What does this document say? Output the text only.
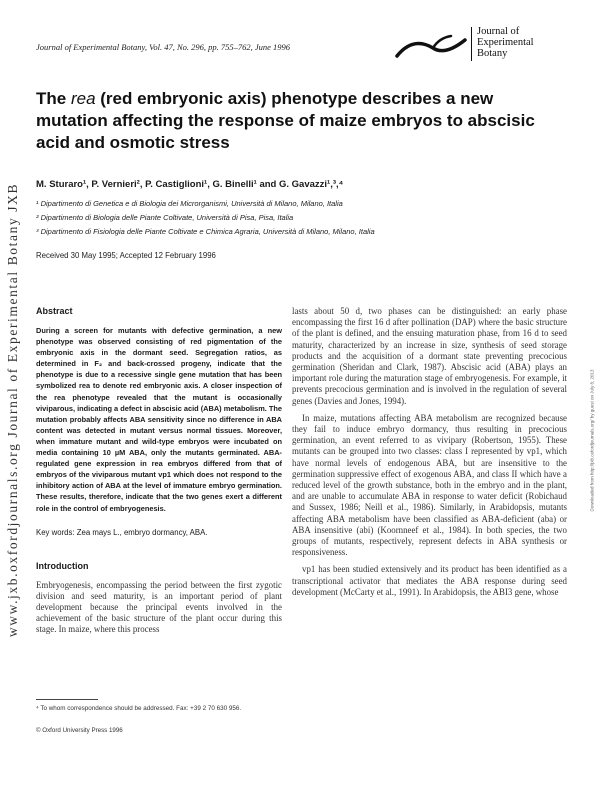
www.jxb.oxfordjournals.org Journal of Experimental Botany JXB	Downloaded from http://jxb.oxfordjournals.org/ by guest on July 8, 2013
Journal of Experimental Botany, Vol. 47, No. 296, pp. 755–762, June 1996
Journal of
Experimental
Botany
The rea (red embryonic axis) phenotype describes a new mutation affecting the response of maize embryos to abscisic acid and osmotic stress
M. Sturaro¹, P. Vernieri², P. Castiglioni¹, G. Binelli¹ and G. Gavazzi¹,³,⁴
¹ Dipartimento di Genetica e di Biologia dei Microrganismi, Università di Milano, Milano, Italia
² Dipartimento di Biologia delle Piante Coltivate, Università di Pisa, Pisa, Italia
³ Dipartimento di Fisiologia delle Piante Coltivate e Chimica Agraria, Università di Milano, Milano, Italia
Received 30 May 1995; Accepted 12 February 1996
Abstract

During a screen for mutants with defective germination, a new phenotype was observed consisting of red pigmentation of the embryonic axis in the dormant seed. Segregation ratios, as determined in F₂ and back-crossed progeny, indicate that the phenotype is due to a recessive single gene mutation that has been symbolized rea to denote red embryonic axis. A closer inspection of the rea phenotype revealed that the mutant is occasionally viviparous, indicating a defect in abscisic acid (ABA) metabolism. The mutation probably affects ABA sensitivity since no difference in ABA content was detected in mutant versus normal tissues. Moreover, when immature mutant and wild-type embryos were incubated on media containing 10 µM ABA, only the mutants germinated. ABA-regulated gene expression in rea embryos differed from that of embryos of the viviparous mutant vp1 which does not respond to the inhibitory action of ABA at the level of immature embryo germination. These results, therefore, indicate that the two genes exert a different role in the control of embryogenesis.

Key words: Zea mays L., embryo dormancy, ABA.

Introduction

Embryogenesis, encompassing the period between the first zygotic division and seed maturity, is an important period of plant development because the principal events involved in the achievement of the basic structure of the plant occur during this stage. In maize, where this process

lasts about 50 d, two phases can be distinguished: an early phase encompassing the first 16 d after pollination (DAP) where the basic structure of the plant is defined, and the ensuing maturation phase, from 16 d to seed maturity, characterized by an increase in size, synthesis of seed storage products and the acquisition of a dormant state preventing precocious germination (Sheridan and Clark, 1987). Abscisic acid (ABA) plays an important role during the maturation stage of embryogenesis. For example, it prevents precocious germination and is involved in the regulation of several genes (Davies and Jones, 1994).

In maize, mutations affecting ABA metabolism are recognized because they fail to induce embryo dormancy, thus resulting in precocious germination, an event referred to as vivipary (Robertson, 1955). These mutants can be grouped into two classes: class I represented by vp1, which have normal levels of endogenous ABA, but are insensitive to the germination suppressive effect of exogenous ABA, and class II which have a reduced level of the growth substance, both in the embryo and in the plant, and are unable to accumulate ABA in response to water deficit (Robichaud and Sussex, 1986; Neill et al., 1986). Similarly, in Arabidopsis, mutants affecting ABA metabolism have been classified as ABA-deficient (aba) or ABA insensitive (abi) (Koornneef et al., 1984). In both species, the two groups of mutants, respectively, represent defects in ABA synthesis or responsiveness.

vp1 has been studied extensively and its product has been identified as a transcriptional activator that mediates the ABA response during seed development (McCarty et al., 1991). In Arabidopsis, the ABI3 gene, whose

⁴ To whom correspondence should be addressed. Fax: +39 2 70 630 956.

© Oxford University Press 1996
